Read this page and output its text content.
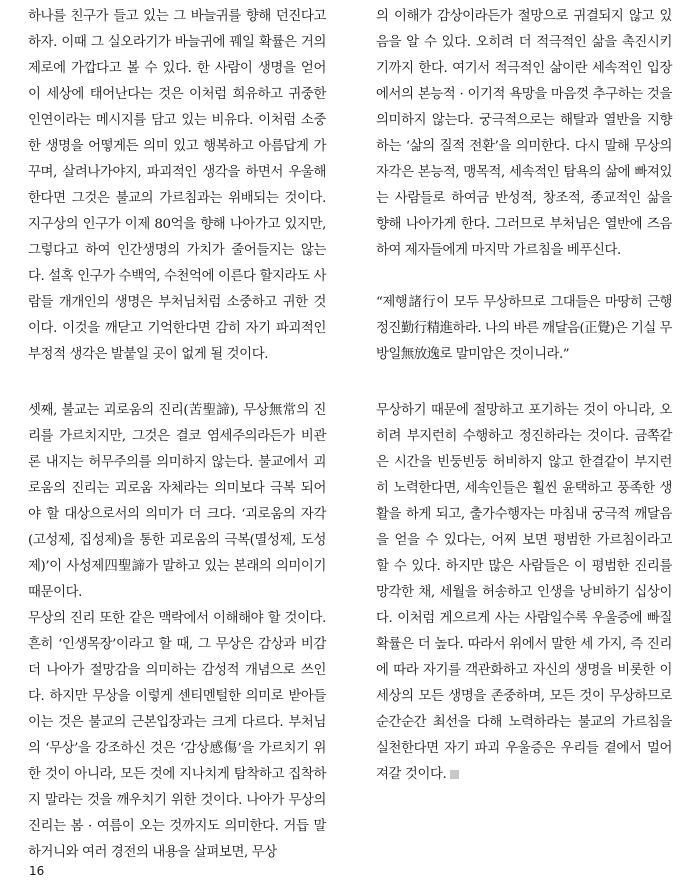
하나를 친구가 들고 있는 그 바늘귀를 향해 던진다고 하자. 이때 그 실오라기가 바늘귀에 꿰일 확률은 거의 제로에 가깝다고 볼 수 있다. 한 사람이 생명을 얻어 이 세상에 태어난다는 것은 이처럼 희유하고 귀중한 인연이라는 메시지를 담고 있는 비유다. 이처럼 소중한 생명을 어떻게든 의미 있고 행복하고 아름답게 가꾸며, 살려나가야지, 파괴적인 생각을 하면서 우울해한다면 그것은 불교의 가르침과는 위배되는 것이다. 지구상의 인구가 이제 80억을 향해 나아가고 있지만, 그렇다고 하여 인간생명의 가치가 줄어들지는 않는다. 설혹 인구가 수백억, 수천억에 이른다 할지라도 사람들 개개인의 생명은 부처님처럼 소중하고 귀한 것이다. 이것을 깨닫고 기억한다면 감히 자기 파괴적인 부정적 생각은 발붙일 곳이 없게 될 것이다.

셋째, 불교는 괴로움의 진리(苦聖諦), 무상無常의 진리를 가르치지만, 그것은 결코 염세주의라든가 비관론 내지는 허무주의를 의미하지 않는다. 불교에서 괴로움의 진리는 괴로움 자체라는 의미보다 극복 되어야 할 대상으로서의 의미가 더 크다. ‘괴로움의 자각(고성제, 집성제)을 통한 괴로움의 극복(멸성제, 도성제)’이 사성제四聖諦가 말하고 있는 본래의 의미이기 때문이다.

무상의 진리 또한 같은 맥락에서 이해해야 할 것이다. 흔히 ‘인생목장’이라고 할 때, 그 무상은 감상과 비감 더 나아가 절망감을 의미하는 감성적 개념으로 쓰인다. 하지만 무상을 이렇게 센티멘털한 의미로 받아들이는 것은 불교의 근본입장과는 크게 다르다. 부처님의 ‘무상’을 강조하신 것은 ‘감상感傷’을 가르치기 위한 것이 아니라, 모든 것에 지나치게 탐착하고 집착하지 말라는 것을 깨우치기 위한 것이다. 나아가 무상의 진리는 봄 · 여름이 오는 것까지도 의미한다. 거듭 말하거니와 여러 경전의 내용을 살펴보면, 무상

의 이해가 감상이라든가 절망으로 귀결되지 않고 있음을 알 수 있다. 오히려 더 적극적인 삶을 촉진시키기까지 한다. 여기서 적극적인 삶이란 세속적인 입장에서의 본능적 · 이기적 욕망을 마음껏 추구하는 것을 의미하지 않는다. 궁극적으로는 해탈과 열반을 지향하는 ‘삶의 질적 전환’을 의미한다. 다시 말해 무상의 자각은 본능적, 맹목적, 세속적인 탐욕의 삶에 빠져있는 사람들로 하여금 반성적, 창조적, 종교적인 삶을 향해 나아가게 한다. 그러므로 부처님은 열반에 즈음하여 제자들에게 마지막 가르침을 베푸신다.

“제행諸行이 모두 무상하므로 그대들은 마땅히 근행정진勤行精進하라. 나의 바른 깨달음(正覺)은 기실 무방일無放逸로 말미암은 것이니라.”

무상하기 때문에 절망하고 포기하는 것이 아니라, 오히려 부지런히 수행하고 정진하라는 것이다. 금쪽같은 시간을 빈둥빈둥 허비하지 않고 한결같이 부지런히 노력한다면, 세속인들은 훨씬 윤택하고 풍족한 생활을 하게 되고, 출가수행자는 마침내 궁극적 깨달음을 얻을 수 있다는, 어찌 보면 평범한 가르침이라고 할 수 있다. 하지만 많은 사람들은 이 평범한 진리를 망각한 채, 세월을 허송하고 인생을 낭비하기 십상이다. 이처럼 게으르게 사는 사람일수록 우울증에 빠질 확률은 더 높다. 따라서 위에서 말한 세 가지, 즉 진리에 따라 자기를 객관화하고 자신의 생명을 비롯한 이 세상의 모든 생명을 존중하며, 모든 것이 무상하므로 순간순간 최선을 다해 노력하라는 불교의 가르침을 실천한다면 자기 파괴 우울증은 우리들 곁에서 멀어져갈 것이다.

16
